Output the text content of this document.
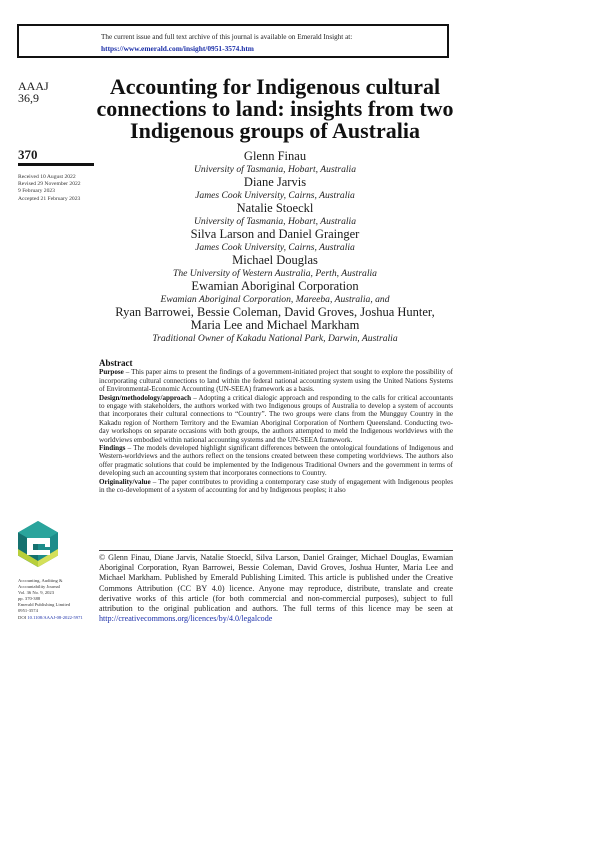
The current issue and full text archive of this journal is available on Emerald Insight at:
https://www.emerald.com/insight/0951-3574.htm
AAAJ
36,9
370
Received 10 August 2022
Revised 29 November 2022
9 February 2023
Accepted 21 February 2023
Accounting for Indigenous cultural connections to land: insights from two Indigenous groups of Australia
Glenn Finau
University of Tasmania, Hobart, Australia
Diane Jarvis
James Cook University, Cairns, Australia
Natalie Stoeckl
University of Tasmania, Hobart, Australia
Silva Larson and Daniel Grainger
James Cook University, Cairns, Australia
Michael Douglas
The University of Western Australia, Perth, Australia
Ewamian Aboriginal Corporation
Ewamian Aboriginal Corporation, Mareeba, Australia, and
Ryan Barrowei, Bessie Coleman, David Groves, Joshua Hunter, Maria Lee and Michael Markham
Traditional Owner of Kakadu National Park, Darwin, Australia
Abstract

Purpose – This paper aims to present the findings of a government-initiated project that sought to explore the possibility of incorporating cultural connections to land within the federal national accounting system using the United Nations Systems of Environmental-Economic Accounting (UN-SEEA) framework as a basis.

Design/methodology/approach – Adopting a critical dialogic approach and responding to the calls for critical accountants to engage with stakeholders, the authors worked with two Indigenous groups of Australia to develop a system of accounts that incorporates their cultural connections to “Country”. The two groups were clans from the Mungguy Country in the Kakadu region of Northern Territory and the Ewamian Aboriginal Corporation of Northern Queensland. Conducting two-day workshops on separate occasions with both groups, the authors attempted to meld the Indigenous worldviews with the worldviews embodied within national accounting systems and the UN-SEEA framework.

Findings – The models developed highlight significant differences between the ontological foundations of Indigenous and Western-worldviews and the authors reflect on the tensions created between these competing worldviews. The authors also offer pragmatic solutions that could be implemented by the Indigenous Traditional Owners and the government in terms of developing such an accounting system that incorporates connections to Country.

Originality/value – The paper contributes to providing a contemporary case study of engagement with Indigenous peoples in the co-development of a system of accounting for and by Indigenous peoples; it also

Accounting, Auditing &
Accountability Journal
Vol. 36 No. 9, 2023
pp. 370-388
Emerald Publishing Limited
0951-3574
DOI 10.1108/AAAJ-08-2022-5971
© Glenn Finau, Diane Jarvis, Natalie Stoeckl, Silva Larson, Daniel Grainger, Michael Douglas, Ewamian Aboriginal Corporation, Ryan Barrowei, Bessie Coleman, David Groves, Joshua Hunter, Maria Lee and Michael Markham. Published by Emerald Publishing Limited. This article is published under the Creative Commons Attribution (CC BY 4.0) licence. Anyone may reproduce, distribute, translate and create derivative works of this article (for both commercial and non-commercial purposes), subject to full attribution to the original publication and authors. The full terms of this licence may be seen at http://creativecommons.org/licences/by/4.0/legalcode
